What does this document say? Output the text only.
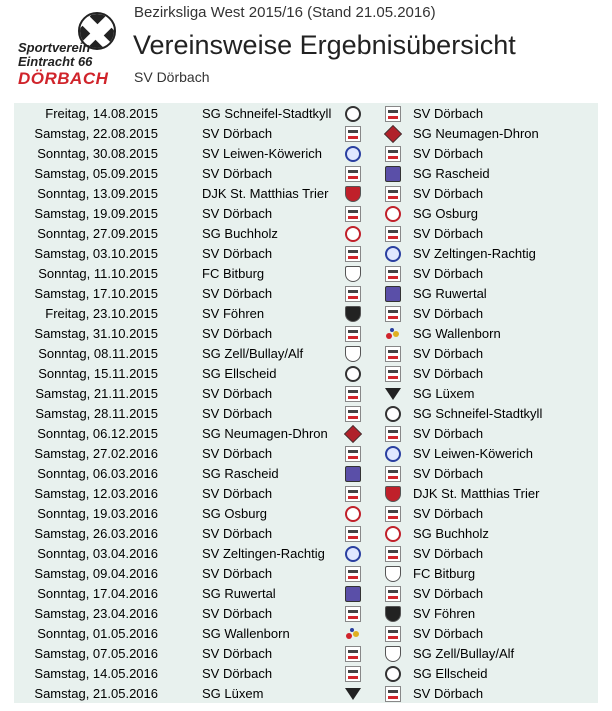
Sportverein
Eintracht 66
DÖRBACH
Bezirksliga West 2015/16 (Stand 21.05.2016)
Vereinsweise Ergebnisübersicht
SV Dörbach
Freitag, 14.08.2015	SG Schneifel-Stadtkyll	SV Dörbach
Samstag, 22.08.2015	SV Dörbach	SG Neumagen-Dhron
Sonntag, 30.08.2015	SV Leiwen-Köwerich	SV Dörbach
Samstag, 05.09.2015	SV Dörbach	SG Rascheid
Sonntag, 13.09.2015	DJK St. Matthias Trier	SV Dörbach
Samstag, 19.09.2015	SV Dörbach	SG Osburg
Sonntag, 27.09.2015	SG Buchholz	SV Dörbach
Samstag, 03.10.2015	SV Dörbach	SV Zeltingen-Rachtig
Sonntag, 11.10.2015	FC Bitburg	SV Dörbach
Samstag, 17.10.2015	SV Dörbach	SG Ruwertal
Freitag, 23.10.2015	SV Föhren	SV Dörbach
Samstag, 31.10.2015	SV Dörbach	SG Wallenborn
Sonntag, 08.11.2015	SG Zell/Bullay/Alf	SV Dörbach
Sonntag, 15.11.2015	SG Ellscheid	SV Dörbach
Samstag, 21.11.2015	SV Dörbach	SG Lüxem
Samstag, 28.11.2015	SV Dörbach	SG Schneifel-Stadtkyll
Sonntag, 06.12.2015	SG Neumagen-Dhron	SV Dörbach
Samstag, 27.02.2016	SV Dörbach	SV Leiwen-Köwerich
Sonntag, 06.03.2016	SG Rascheid	SV Dörbach
Samstag, 12.03.2016	SV Dörbach	DJK St. Matthias Trier
Sonntag, 19.03.2016	SG Osburg	SV Dörbach
Samstag, 26.03.2016	SV Dörbach	SG Buchholz
Sonntag, 03.04.2016	SV Zeltingen-Rachtig	SV Dörbach
Samstag, 09.04.2016	SV Dörbach	FC Bitburg
Sonntag, 17.04.2016	SG Ruwertal	SV Dörbach
Samstag, 23.04.2016	SV Dörbach	SV Föhren
Sonntag, 01.05.2016	SG Wallenborn	SV Dörbach
Samstag, 07.05.2016	SV Dörbach	SG Zell/Bullay/Alf
Samstag, 14.05.2016	SV Dörbach	SG Ellscheid
Samstag, 21.05.2016	SG Lüxem	SV Dörbach
